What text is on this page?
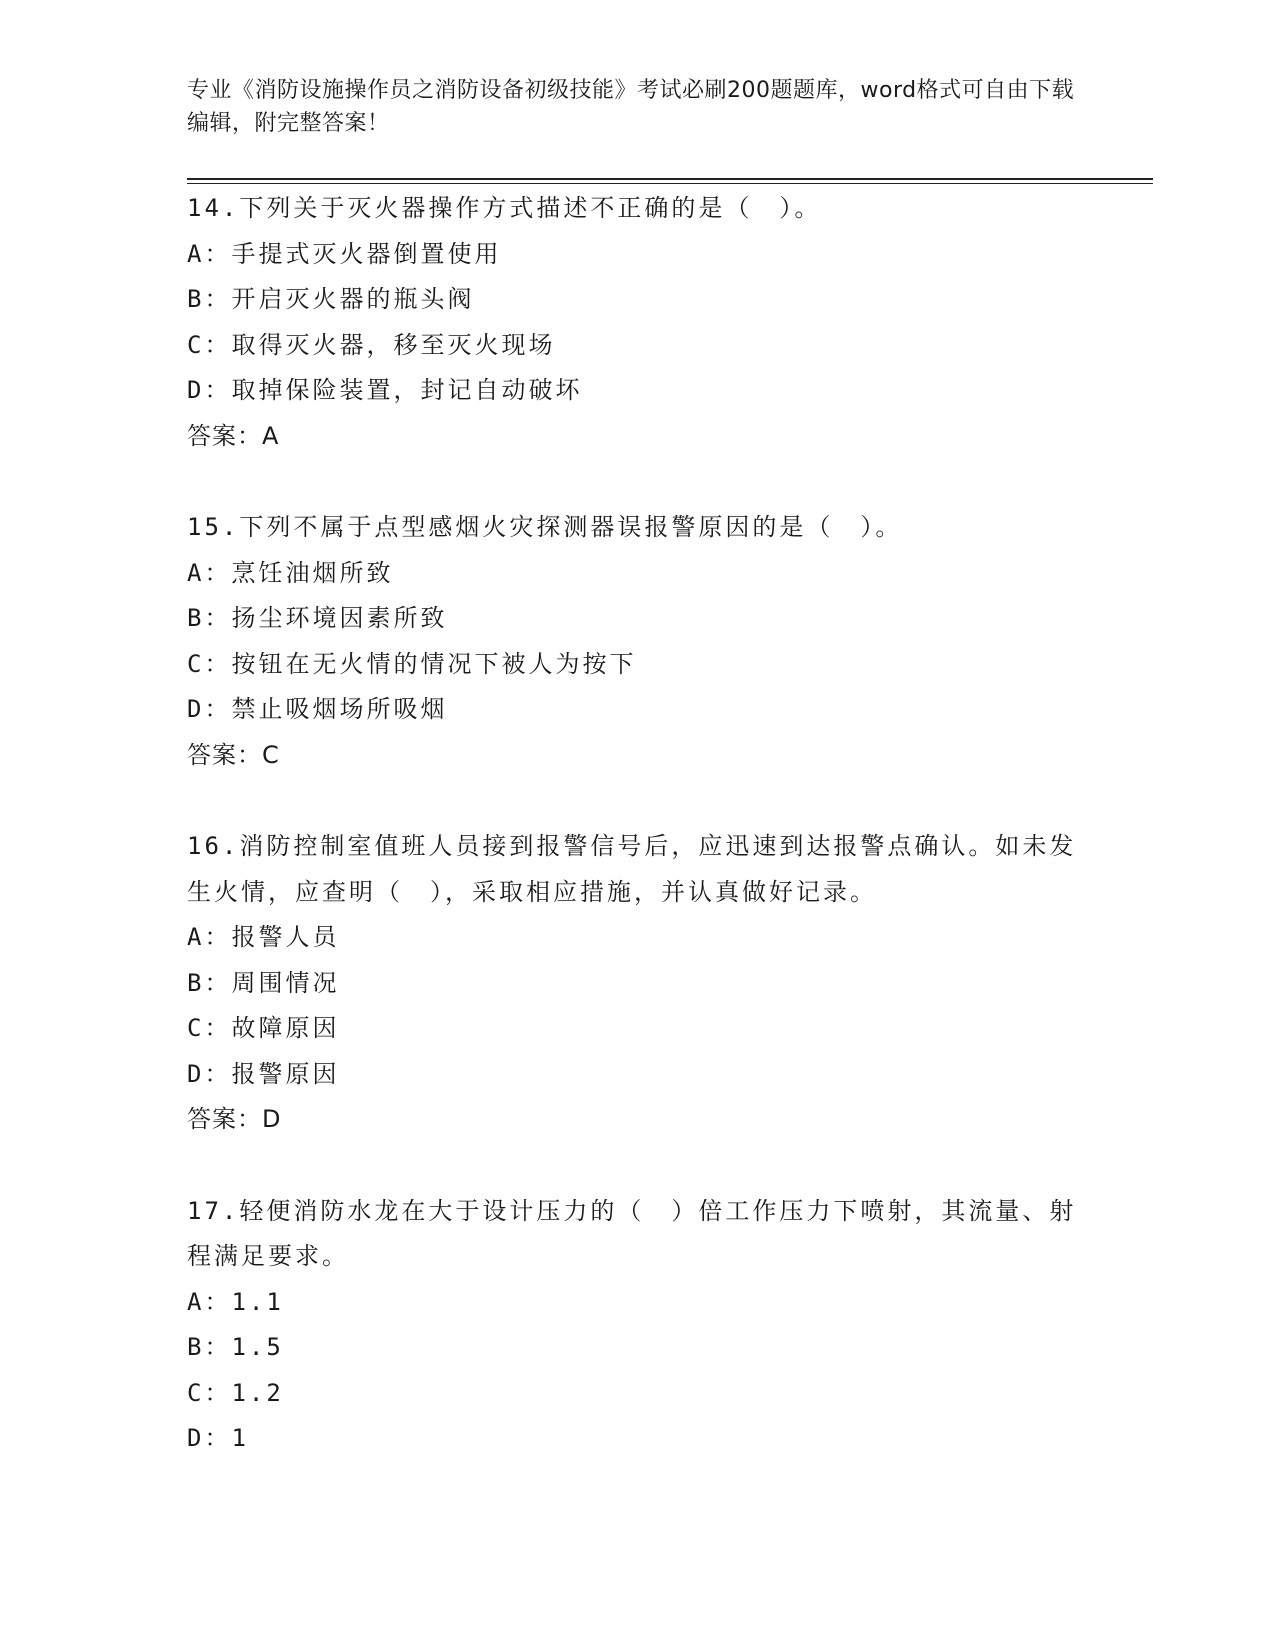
专业《消防设施操作员之消防设备初级技能》考试必刷200题题库，word格式可自由下载编辑，附完整答案！

14.下列关于灭火器操作方式描述不正确的是（　）。

A：手提式灭火器倒置使用

B：开启灭火器的瓶头阀

C：取得灭火器，移至灭火现场

D：取掉保险装置，封记自动破坏

答案：A

15.下列不属于点型感烟火灾探测器误报警原因的是（　）。

A：烹饪油烟所致

B：扬尘环境因素所致

C：按钮在无火情的情况下被人为按下

D：禁止吸烟场所吸烟

答案：C

16.消防控制室值班人员接到报警信号后，应迅速到达报警点确认。如未发生火情，应查明（　），采取相应措施，并认真做好记录。

A：报警人员

B：周围情况

C：故障原因

D：报警原因

答案：D

17.轻便消防水龙在大于设计压力的（　）倍工作压力下喷射，其流量、射程满足要求。

A：1.1

B：1.5

C：1.2

D：1
